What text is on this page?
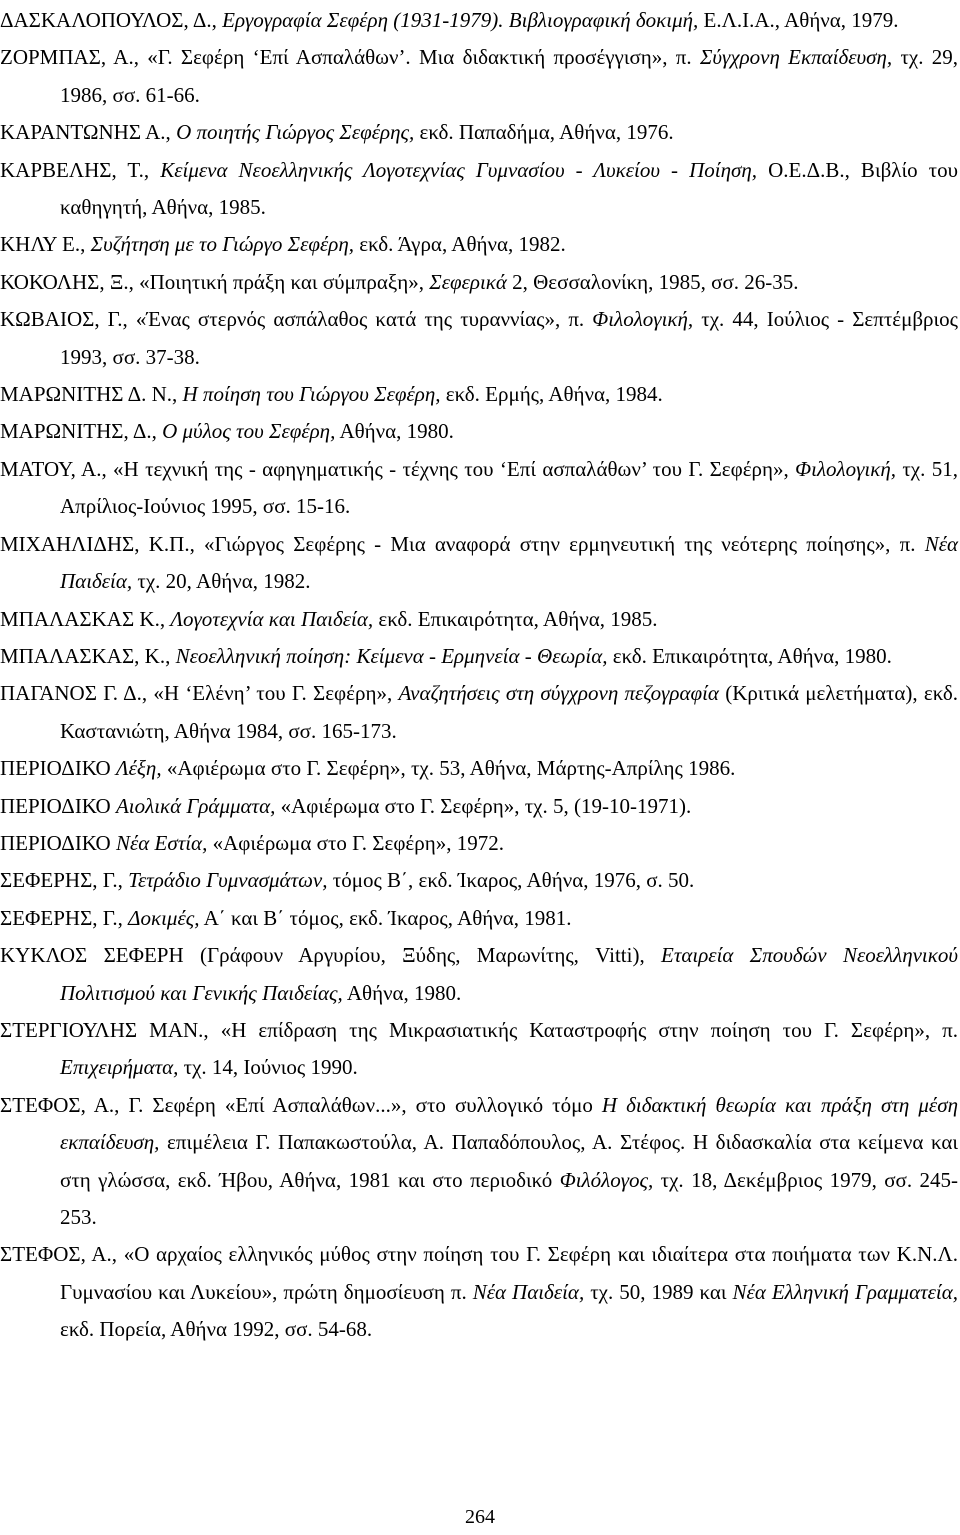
ΔΑΣΚΑΛΟΠΟΥΛΟΣ, Δ., Εργογραφία Σεφέρη (1931-1979). Βιβλιογραφική δοκιμή, Ε.Λ.Ι.Α., Αθήνα, 1979.
ΖΟΡΜΠΑΣ, Α., «Γ. Σεφέρη ‘Επί Ασπαλάθων’. Μια διδακτική προσέγγιση», π. Σύγχρονη Εκπαίδευση, τχ. 29, 1986, σσ. 61-66.
ΚΑΡΑΝΤΩΝΗΣ Α., Ο ποιητής Γιώργος Σεφέρης, εκδ. Παπαδήμα, Αθήνα, 1976.
ΚΑΡΒΕΛΗΣ, Τ., Κείμενα Νεοελληνικής Λογοτεχνίας Γυμνασίου - Λυκείου - Ποίηση, Ο.Ε.Δ.Β., Βιβλίο του καθηγητή, Αθήνα, 1985.
ΚΗΛΥ Ε., Συζήτηση με το Γιώργο Σεφέρη, εκδ. Άγρα, Αθήνα, 1982.
ΚΟΚΟΛΗΣ, Ξ., «Ποιητική πράξη και σύμπραξη», Σεφερικά 2, Θεσσαλονίκη, 1985, σσ. 26-35.
ΚΩΒΑΙΟΣ, Γ., «Ένας στερνός ασπάλαθος κατά της τυραννίας», π. Φιλολογική, τχ. 44, Ιούλιος - Σεπτέμβριος 1993, σσ. 37-38.
ΜΑΡΩΝΙΤΗΣ Δ. Ν., Η ποίηση του Γιώργου Σεφέρη, εκδ. Ερμής, Αθήνα, 1984.
ΜΑΡΩΝΙΤΗΣ, Δ., Ο μύλος του Σεφέρη, Αθήνα, 1980.
ΜΑΤΟΥ, Α., «Η τεχνική της - αφηγηματικής - τέχνης του ‘Επί ασπαλάθων’ του Γ. Σεφέρη», Φιλολογική, τχ. 51, Απρίλιος-Ιούνιος 1995, σσ. 15-16.
ΜΙΧΑΗΛΙΔΗΣ, Κ.Π., «Γιώργος Σεφέρης - Μια αναφορά στην ερμηνευτική της νεότερης ποίησης», π. Νέα Παιδεία, τχ. 20, Αθήνα, 1982.
ΜΠΑΛΑΣΚΑΣ Κ., Λογοτεχνία και Παιδεία, εκδ. Επικαιρότητα, Αθήνα, 1985.
ΜΠΑΛΑΣΚΑΣ, Κ., Νεοελληνική ποίηση: Κείμενα - Ερμηνεία - Θεωρία, εκδ. Επικαιρότητα, Αθήνα, 1980.
ΠΑΓΑΝΟΣ Γ. Δ., «Η ‘Ελένη’ του Γ. Σεφέρη», Αναζητήσεις στη σύγχρονη πεζογραφία (Κριτικά μελετήματα), εκδ. Καστανιώτη, Αθήνα 1984, σσ. 165-173.
ΠΕΡΙΟΔΙΚΟ Λέξη, «Αφιέρωμα στο Γ. Σεφέρη», τχ. 53, Αθήνα, Μάρτης-Απρίλης 1986.
ΠΕΡΙΟΔΙΚΟ Αιολικά Γράμματα, «Αφιέρωμα στο Γ. Σεφέρη», τχ. 5, (19-10-1971).
ΠΕΡΙΟΔΙΚΟ Νέα Εστία, «Αφιέρωμα στο Γ. Σεφέρη», 1972.
ΣΕΦΕΡΗΣ, Γ., Τετράδιο Γυμνασμάτων, τόμος Β΄, εκδ. Ίκαρος, Αθήνα, 1976, σ. 50.
ΣΕΦΕΡΗΣ, Γ., Δοκιμές, Α΄ και Β΄ τόμος, εκδ. Ίκαρος, Αθήνα, 1981.
ΚΥΚΛΟΣ ΣΕΦΕΡΗ (Γράφουν Αργυρίου, Ξύδης, Μαρωνίτης, Vitti), Εταιρεία Σπουδών Νεοελληνικού Πολιτισμού και Γενικής Παιδείας, Αθήνα, 1980.
ΣΤΕΡΓΙΟΥΛΗΣ ΜΑΝ., «Η επίδραση της Μικρασιατικής Καταστροφής στην ποίηση του Γ. Σεφέρη», π. Επιχειρήματα, τχ. 14, Ιούνιος 1990.
ΣΤΕΦΟΣ, Α., Γ. Σεφέρη «Επί Ασπαλάθων...», στο συλλογικό τόμο Η διδακτική θεωρία και πράξη στη μέση εκπαίδευση, επιμέλεια Γ. Παπακωστούλα, Α. Παπαδόπουλος, Α. Στέφος. Η διδασκαλία στα κείμενα και στη γλώσσα, εκδ. Ήβου, Αθήνα, 1981 και στο περιοδικό Φιλόλογος, τχ. 18, Δεκέμβριος 1979, σσ. 245-253.
ΣΤΕΦΟΣ, Α., «Ο αρχαίος ελληνικός μύθος στην ποίηση του Γ. Σεφέρη και ιδιαίτερα στα ποιήματα των Κ.Ν.Λ. Γυμνασίου και Λυκείου», πρώτη δημοσίευση π. Νέα Παιδεία, τχ. 50, 1989 και Νέα Ελληνική Γραμματεία, εκδ. Πορεία, Αθήνα 1992, σσ. 54-68.
264
